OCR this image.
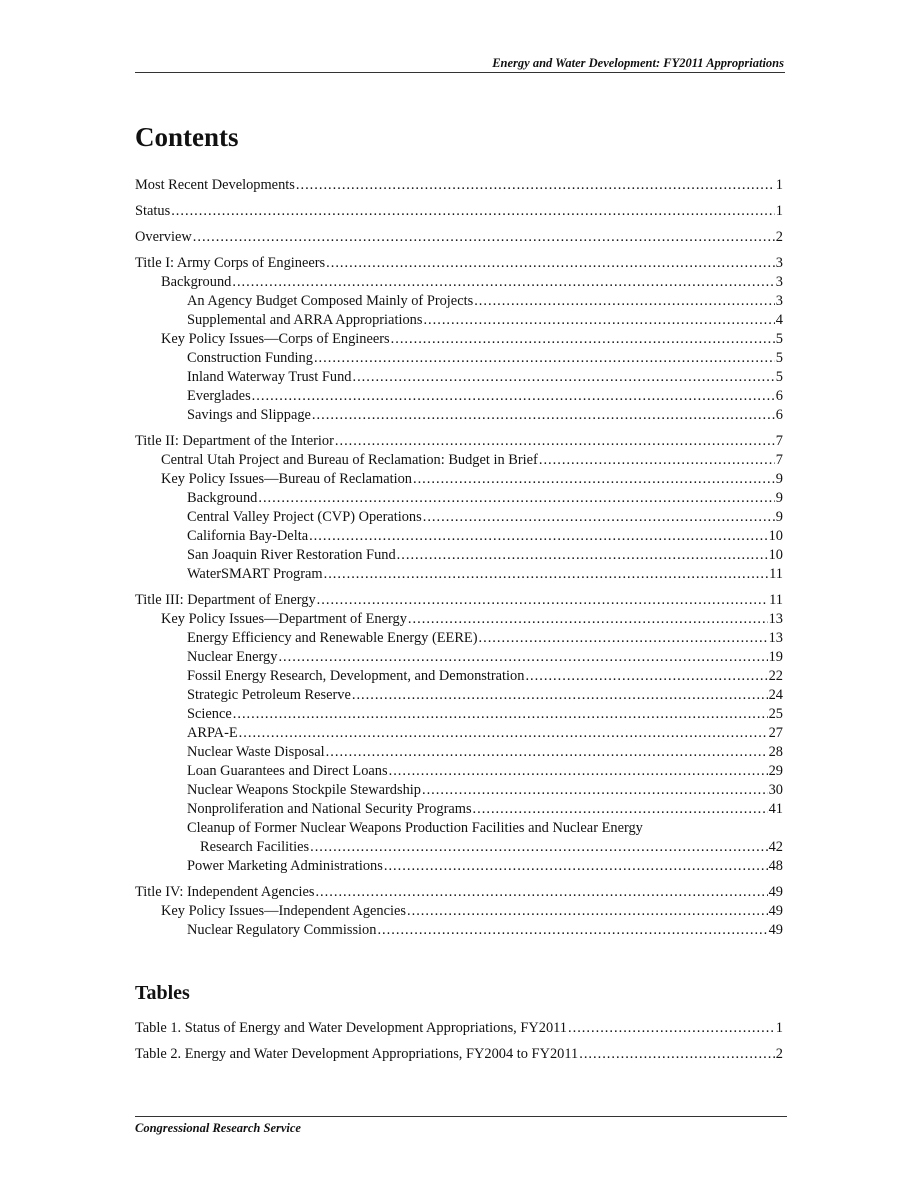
Energy and Water Development: FY2011 Appropriations
Contents
Most Recent Developments .....	1
Status .....	1
Overview .....	2
Title I: Army Corps of Engineers .....	3
Background .....	3
An Agency Budget Composed Mainly of Projects .....	3
Supplemental and ARRA Appropriations .....	4
Key Policy Issues—Corps of Engineers .....	5
Construction Funding .....	5
Inland Waterway Trust Fund .....	5
Everglades .....	6
Savings and Slippage .....	6
Title II: Department of the Interior .....	7
Central Utah Project and Bureau of Reclamation: Budget in Brief .....	7
Key Policy Issues—Bureau of Reclamation .....	9
Background .....	9
Central Valley Project (CVP) Operations .....	9
California Bay-Delta .....	10
San Joaquin River Restoration Fund .....	10
WaterSMART Program .....	11
Title III: Department of Energy .....	11
Key Policy Issues—Department of Energy .....	13
Energy Efficiency and Renewable Energy (EERE) .....	13
Nuclear Energy .....	19
Fossil Energy Research, Development, and Demonstration .....	22
Strategic Petroleum Reserve .....	24
Science .....	25
ARPA-E .....	27
Nuclear Waste Disposal .....	28
Loan Guarantees and Direct Loans .....	29
Nuclear Weapons Stockpile Stewardship .....	30
Nonproliferation and National Security Programs .....	41
Cleanup of Former Nuclear Weapons Production Facilities and Nuclear Energy
Research Facilities .....	42
Power Marketing Administrations .....	48
Title IV: Independent Agencies .....	49
Key Policy Issues—Independent Agencies .....	49
Nuclear Regulatory Commission .....	49
Tables
Table 1. Status of Energy and Water Development Appropriations, FY2011 .....	1
Table 2. Energy and Water Development Appropriations, FY2004 to FY2011 .....	2
Congressional Research Service
